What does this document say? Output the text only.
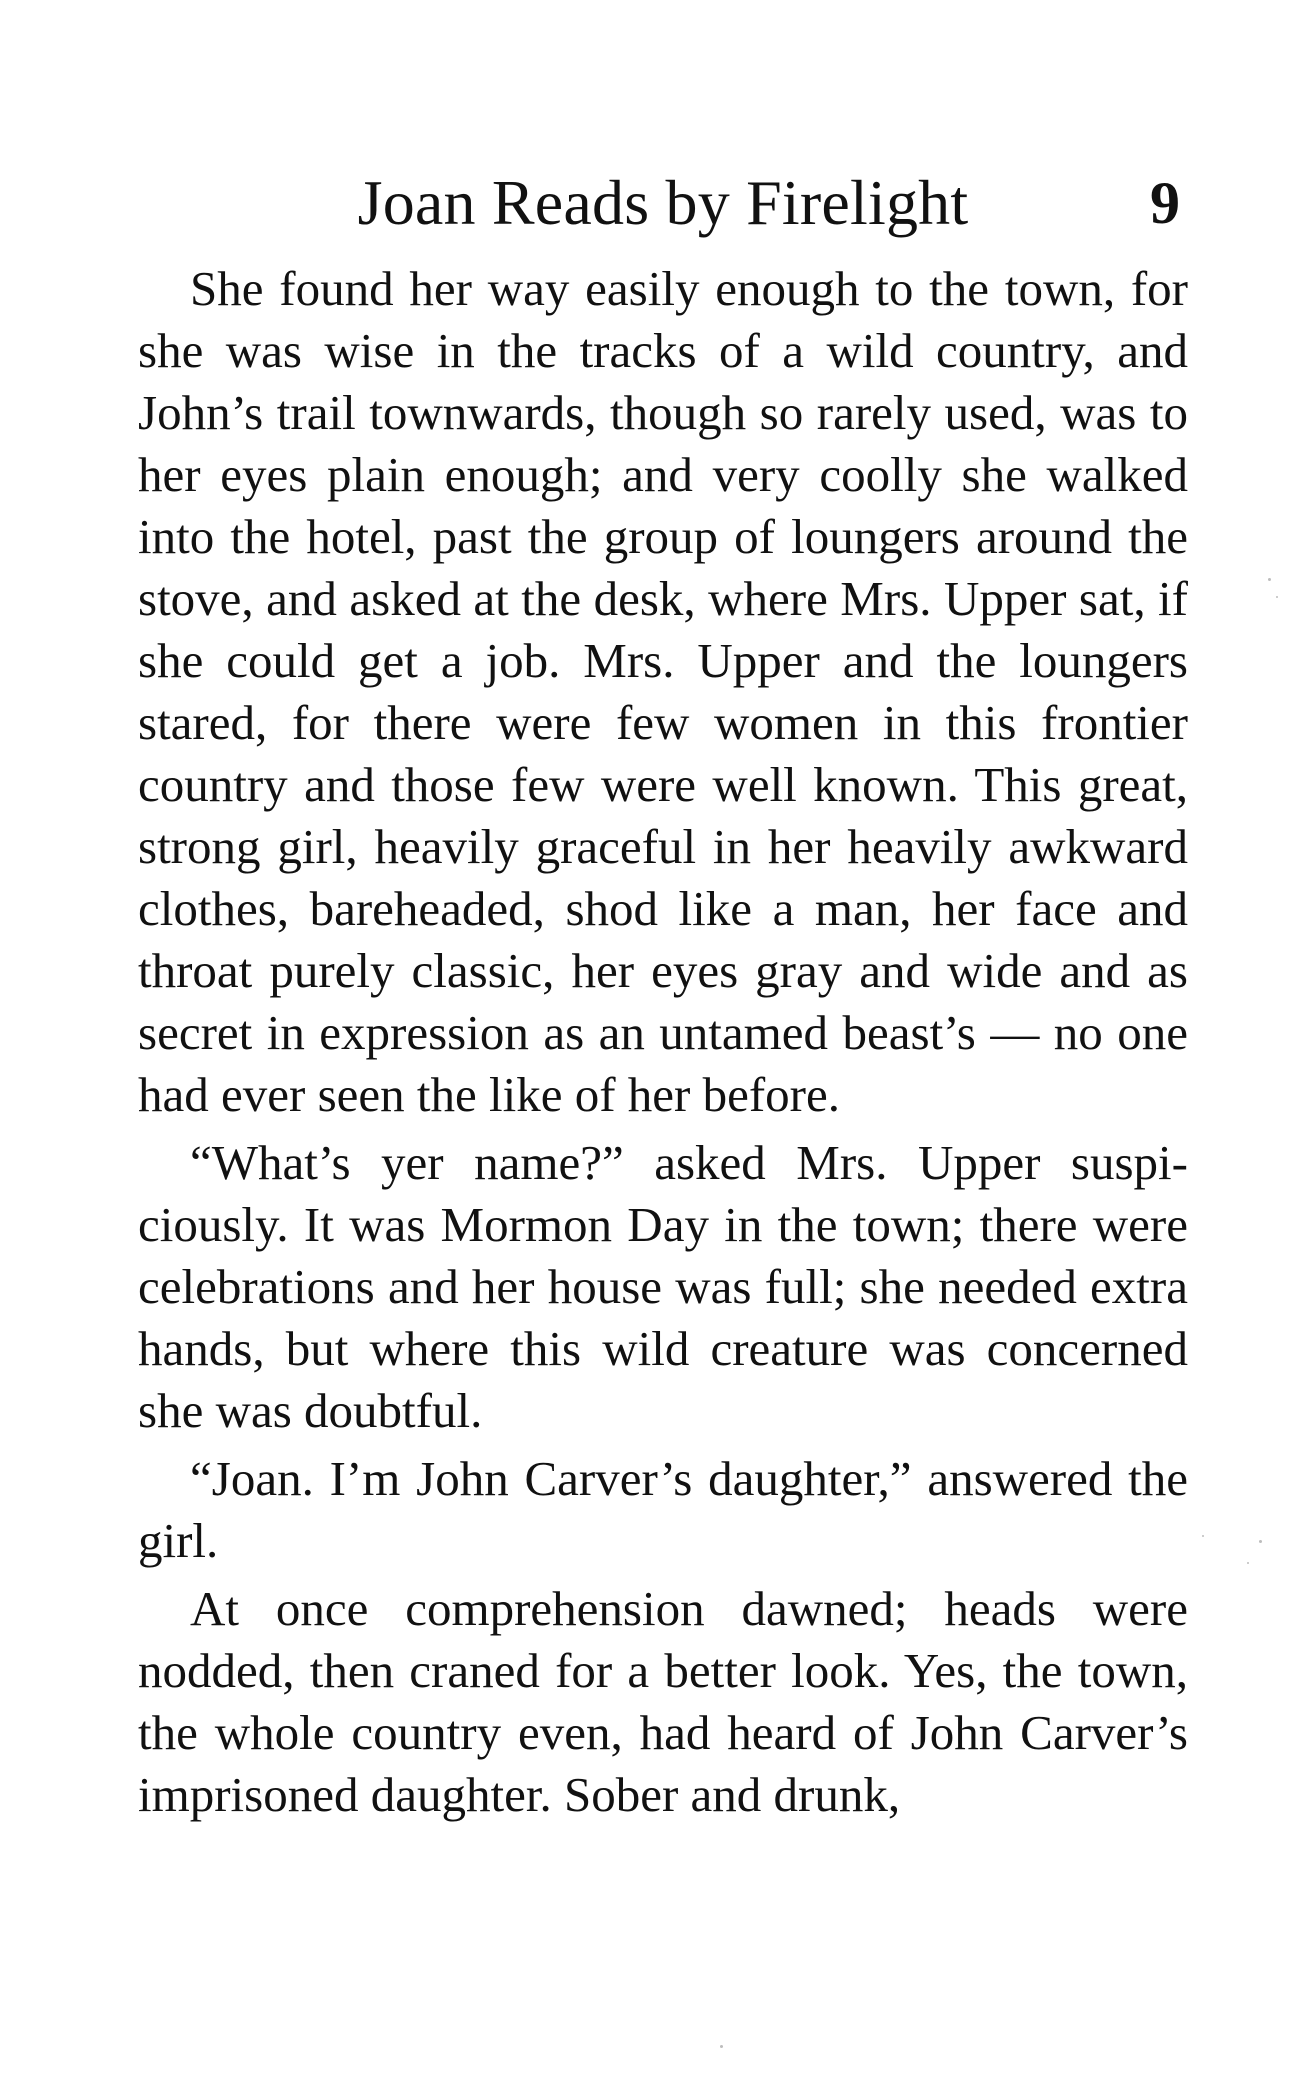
Joan Reads by Firelight	9

She found her way easily enough to the town, for she was wise in the tracks of a wild country, and John’s trail townwards, though so rarely used, was to her eyes plain enough; and very coolly she walked into the hotel, past the group of loungers around the stove, and asked at the desk, where Mrs. Upper sat, if she could get a job. Mrs. Upper and the loungers stared, for there were few women in this frontier country and those few were well known. This great, strong girl, heavily graceful in her heavily awkward clothes, bareheaded, shod like a man, her face and throat purely classic, her eyes gray and wide and as secret in expression as an untamed beast’s — no one had ever seen the like of her before.

“What’s yer name?” asked Mrs. Upper suspiciously. It was Mormon Day in the town; there were celebrations and her house was full; she needed extra hands, but where this wild creature was concerned she was doubtful.

“Joan. I’m John Carver’s daughter,” answered the girl.

At once comprehension dawned; heads were nodded, then craned for a better look. Yes, the town, the whole country even, had heard of John Carver’s imprisoned daughter. Sober and drunk,
